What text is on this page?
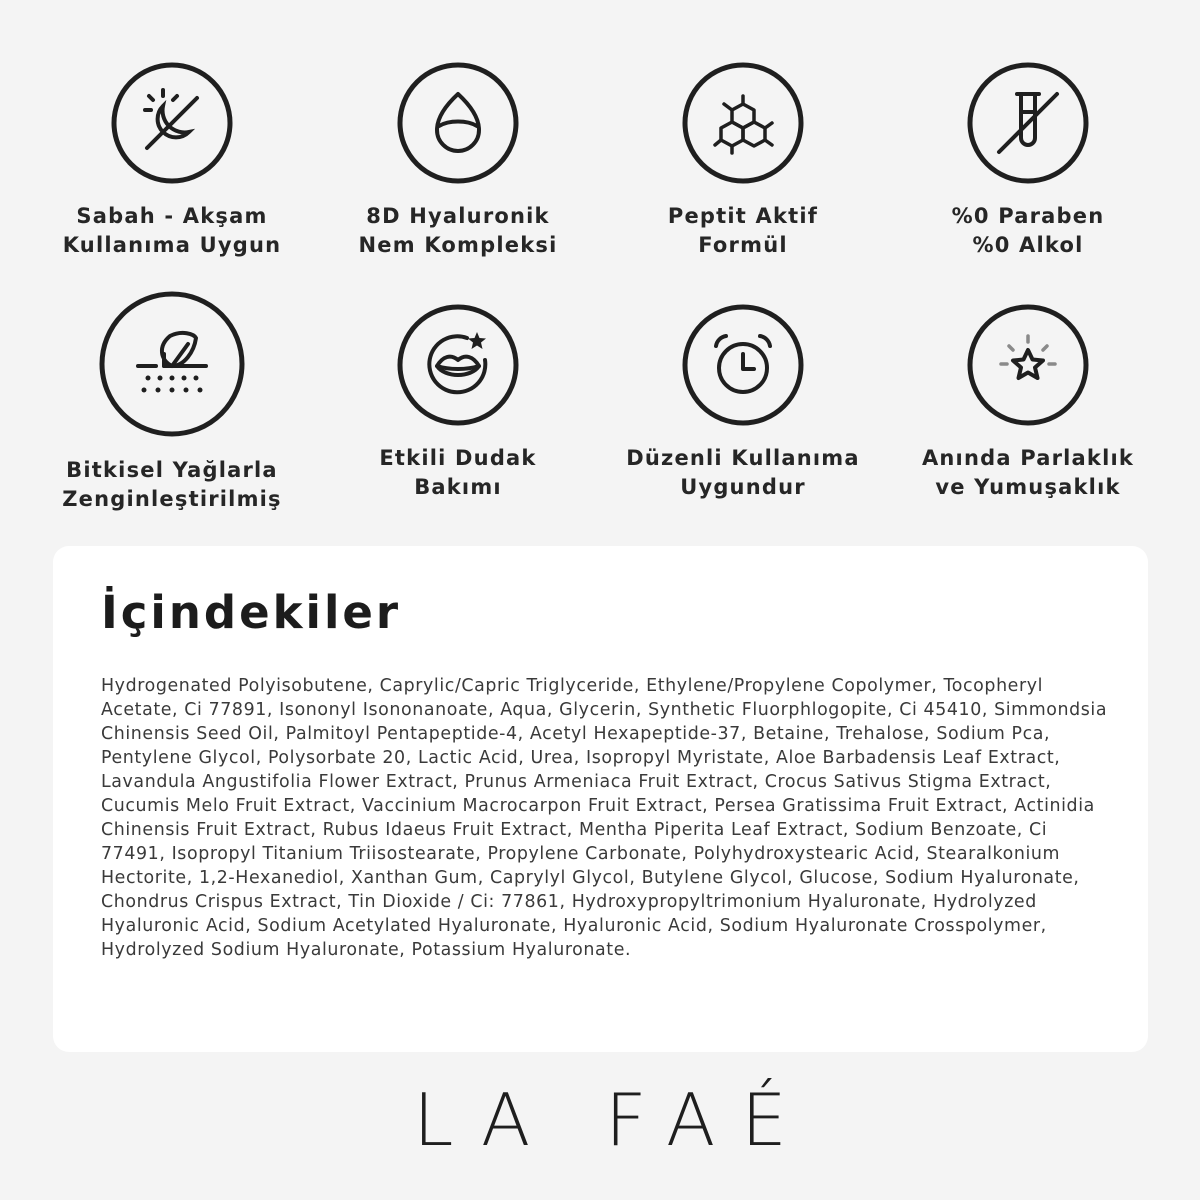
Sabah - Akşam
Kullanıma Uygun
8D Hyaluronik
Nem Kompleksi
Peptit Aktif
Formül
%0 Paraben
%0 Alkol
Bitkisel Yağlarla
Zenginleştirilmiş
Etkili Dudak
Bakımı
Düzenli Kullanıma
Uygundur
Anında Parlaklık
ve Yumuşaklık
İçindekiler

Hydrogenated Polyisobutene, Caprylic/Capric Triglyceride, Ethylene/Propylene Copolymer, Tocopheryl Acetate, Ci 77891, Isononyl Isononanoate, Aqua, Glycerin, Synthetic Fluorphlogopite, Ci 45410, Simmondsia Chinensis Seed Oil, Palmitoyl Pentapeptide-4, Acetyl Hexapeptide-37, Betaine, Trehalose, Sodium Pca, Pentylene Glycol, Polysorbate 20, Lactic Acid, Urea, Isopropyl Myristate, Aloe Barbadensis Leaf Extract, Lavandula Angustifolia Flower Extract, Prunus Armeniaca Fruit Extract, Crocus Sativus Stigma Extract, Cucumis Melo Fruit Extract, Vaccinium Macrocarpon Fruit Extract, Persea Gratissima Fruit Extract, Actinidia Chinensis Fruit Extract, Rubus Idaeus Fruit Extract, Mentha Piperita Leaf Extract, Sodium Benzoate, Ci 77491, Isopropyl Titanium Triisostearate, Propylene Carbonate, Polyhydroxystearic Acid, Stearalkonium Hectorite, 1,2-Hexanediol, Xanthan Gum, Caprylyl Glycol, Butylene Glycol, Glucose, Sodium Hyaluronate, Chondrus Crispus Extract, Tin Dioxide / Ci: 77861, Hydroxypropyltrimonium Hyaluronate, Hydrolyzed Hyaluronic Acid, Sodium Acetylated Hyaluronate, Hyaluronic Acid, Sodium Hyaluronate Crosspolymer, Hydrolyzed Sodium Hyaluronate, Potassium Hyaluronate.

LA FAÉ
